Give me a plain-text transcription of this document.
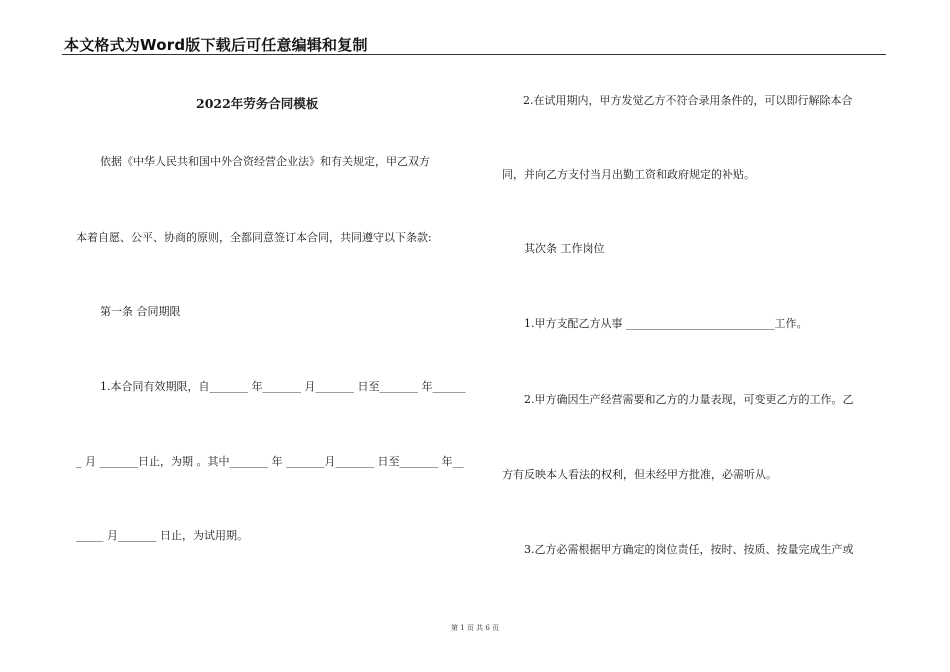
本文格式为Word版下载后可任意编辑和复制
2022年劳务合同模板
依据《中华人民共和国中外合资经营企业法》和有关规定，甲乙双方
本着自愿、公平、协商的原则，全都同意签订本合同，共同遵守以下条款:
第一条 合同期限
1.本合同有效期限，自_______ 年_______ 月_______ 日至_______ 年______
_ 月 _______日止，为期 。其中_______ 年 _______月_______ 日至_______ 年__
_____ 月_______ 日止，为试用期。
2.在试用期内，甲方发觉乙方不符合录用条件的，可以即行解除本合
同，并向乙方支付当月出勤工资和政府规定的补贴。
其次条 工作岗位
1.甲方支配乙方从事 ___________________________工作。
2.甲方确因生产经营需要和乙方的力量表现，可变更乙方的工作。乙
方有反映本人看法的权利，但未经甲方批准，必需听从。
3.乙方必需根据甲方确定的岗位责任，按时、按质、按量完成生产或
第 1 页 共 6 页
